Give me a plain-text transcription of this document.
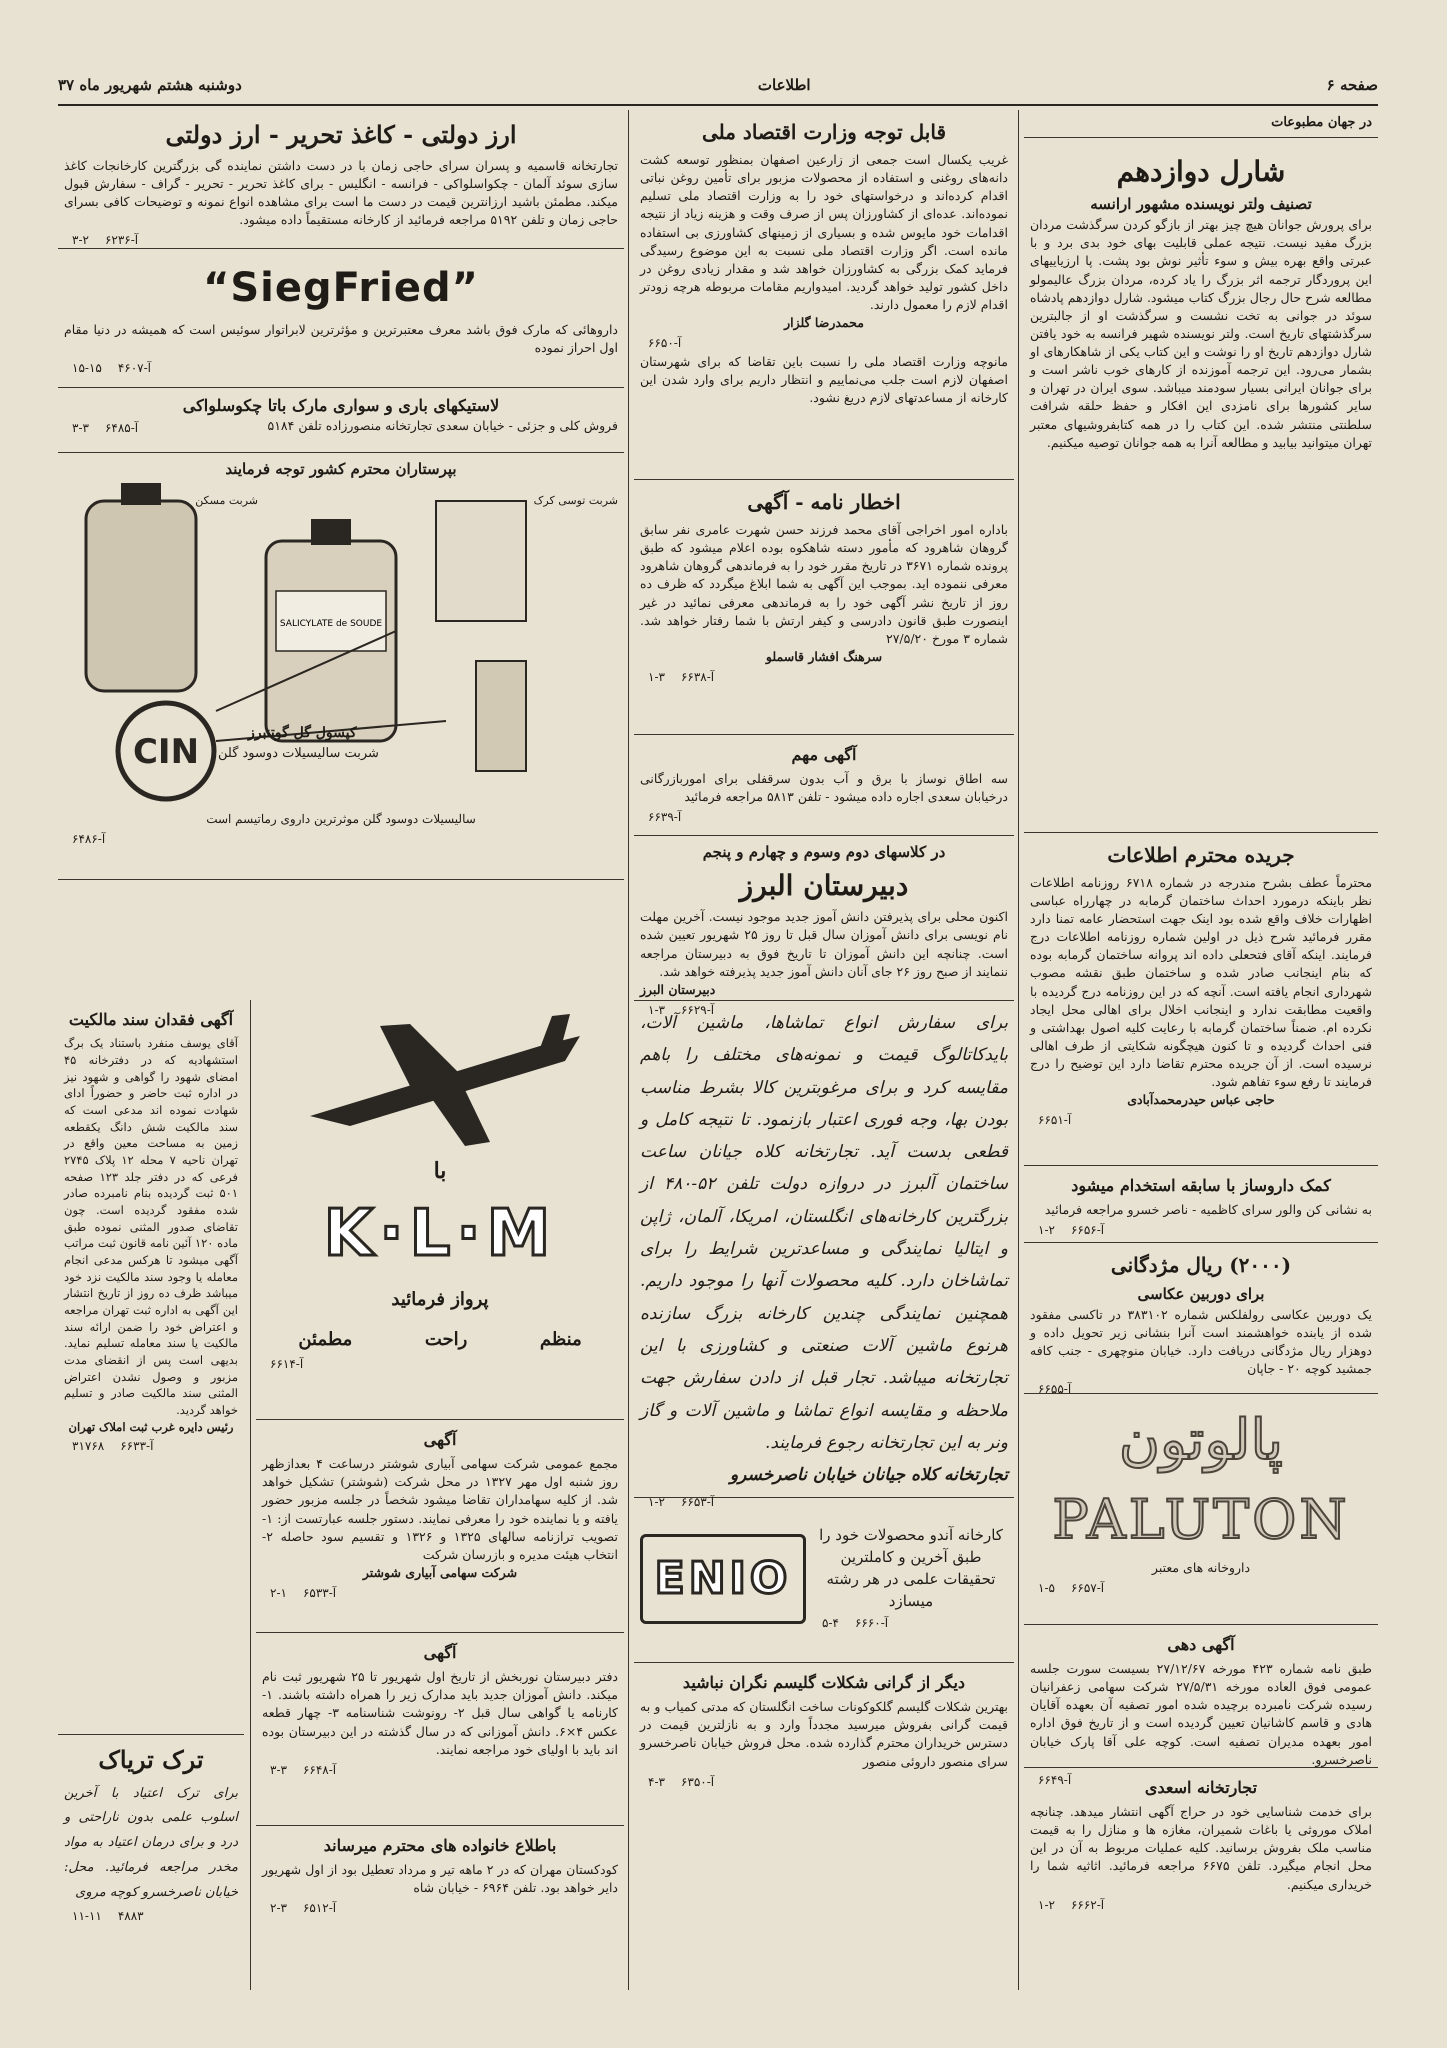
صفحه ۶
اطلاعات
دوشنبه هشتم شهریور ماه ۳۷
در جهان مطبوعات
شارل دوازدهم
تصنیف ولتر نویسنده مشهور ارانسه

برای پرورش جوانان هیچ چیز بهتر از بازگو کردن سرگذشت مردان بزرگ مفید نیست. نتیجه عملی قابلیت بهای خود بدی برد و با عبرتی واقع بهره بیش و سوء تأثیر نوش بود پشت. پا ارزیاییهای این پروردگار ترجمه اثر بزرگ را یاد کرده، مردان بزرگ عالیمولو مطالعه شرح حال رجال بزرگ کتاب میشود. شارل دوازدهم پادشاه سوئد در جوانی به تخت نشست و سرگذشت او از جالبترین سرگذشتهای تاریخ است. ولتر نویسنده شهیر فرانسه به خود یافتن شارل دوازدهم تاریخ او را نوشت و این کتاب یکی از شاهکارهای او بشمار می‌رود. این ترجمه آموزنده از کارهای خوب ناشر است و برای جوانان ایرانی بسیار سودمند میباشد. سوی ایران در تهران و سایر کشورها برای نامزدی این افکار و حفظ حلقه شرافت سلطنتی منتشر شده. این کتاب را در همه کتابفروشیهای معتبر تهران میتوانید بیابید و مطالعه آنرا به همه جوانان توصیه میکنیم.

جریده محترم اطلاعات

محترماً عطف بشرح مندرجه در شماره ۶۷۱۸ روزنامه اطلاعات نظر باینکه درمورد احداث ساختمان گرمابه در چهارراه عباسی اظهارات خلاف واقع شده بود اینک جهت استحضار عامه تمنا دارد مقرر فرمائید شرح ذیل در اولین شماره روزنامه اطلاعات درج فرمایند. اینکه آقای فتحعلی داده اند پروانه ساختمان گرمابه بوده که بنام اینجانب صادر شده و ساختمان طبق نقشه مصوب شهرداری انجام یافته است. آنچه که در این روزنامه درج گردیده با واقعیت مطابقت ندارد و اینجانب اخلال برای اهالی محل ایجاد نکرده ام. ضمناً ساختمان گرمابه با رعایت کلیه اصول بهداشتی و فنی احداث گردیده و تا کنون هیچگونه شکایتی از طرف اهالی نرسیده است. از آن جریده محترم تقاضا دارد این توضیح را درج فرمایند تا رفع سوء تفاهم شود.

حاجی عباس حیدرمحمدآبادی

آ-۶۶۵۱
کمک داروساز با سابقه استخدام میشود

به نشانی کن والور سرای کاظمیه - ناصر خسرو مراجعه فرمائید

۱-۲ آ-۶۶۵۶
(۲۰۰۰) ریال مژدگانی
برای دوربین عکاسی

یک دوربین عکاسی رولفلکس شماره ۳۸۳۱۰۲ در تاکسی مفقود شده از یابنده خواهشمند است آنرا بنشانی زیر تحویل داده و دوهزار ریال مژدگانی دریافت دارد. خیابان منوچهری - جنب کافه جمشید کوچه ۲۰ - جاپان

آ-۶۶۵۵
پالوتون
PALUTON

داروخانه های معتبر

۱-۵ آ-۶۶۵۷
آگهی دهی

طبق نامه شماره ۴۲۳ مورخه ۲۷/۱۲/۶۷ بسیست سورت جلسه عمومی فوق العاده مورخه ۲۷/۵/۳۱ شرکت سهامی زعفرانیان رسیده شرکت نامبرده برچیده شده امور تصفیه آن بعهده آقایان هادی و قاسم کاشانیان تعیین گردیده است و از تاریخ فوق اداره امور بعهده مدیران تصفیه است. کوچه علی آقا پارک خیابان ناصرخسرو.

آ-۶۶۴۹	تجارتخانه اسعدی

برای خدمت شناسایی خود در حراج آگهی انتشار میدهد. چنانچه املاک موروثی یا باغات شمیران، مغازه ها و منازل را به قیمت مناسب ملک بفروش برسانید. کلیه عملیات مربوط به آن در این محل انجام میگیرد. تلفن ۶۶۷۵ مراجعه فرمائید. اثاثیه شما را خریداری میکنیم.

۱-۲ آ-۶۶۶۲
قابل توجه وزارت اقتصاد ملی

غریب یکسال است جمعی از زارعین اصفهان بمنظور توسعه کشت دانه‌های روغنی و استفاده از محصولات مزبور برای تأمین روغن نباتی اقدام کرده‌اند و درخواستهای خود را به وزارت اقتصاد ملی تسلیم نموده‌اند. عده‌ای از کشاورزان پس از صرف وقت و هزینه زیاد از نتیجه اقدامات خود مایوس شده و بسیاری از زمینهای کشاورزی بی استفاده مانده است. اگر وزارت اقتصاد ملی نسبت به این موضوع رسیدگی فرماید کمک بزرگی به کشاورزان خواهد شد و مقدار زیادی روغن در داخل کشور تولید خواهد گردید. امیدواریم مقامات مربوطه هرچه زودتر اقدام لازم را معمول دارند.

محمدرضا گلزار

آ-۶۶۵۰

مانوچه وزارت اقتصاد ملی را نسبت باین تقاضا که برای شهرستان اصفهان لازم است جلب می‌نماییم و انتظار داریم برای وارد شدن این کارخانه از مساعدتهای لازم دریغ نشود.

اخطار نامه - آگهی

باداره امور اخراجی آقای محمد فرزند حسن شهرت عامری نفر سابق گروهان شاهرود که مأمور دسته شاهکوه بوده اعلام میشود که طبق پرونده شماره ۳۶۷۱ در تاریخ مقرر خود را به فرماندهی گروهان شاهرود معرفی ننموده اید. بموجب این آگهی به شما ابلاغ میگردد که ظرف ده روز از تاریخ نشر آگهی خود را به فرماندهی معرفی نمائید در غیر اینصورت طبق قانون دادرسی و کیفر ارتش با شما رفتار خواهد شد. شماره ۳ مورخ ۲۷/۵/۲۰

سرهنگ افشار قاسملو

۱-۳ آ-۶۶۳۸
آگهی مهم

سه اطاق نوساز با برق و آب بدون سرقفلی برای اموربازرگانی درخیابان سعدی اجاره داده میشود - تلفن ۵۸۱۳ مراجعه فرمائید

آ-۶۶۳۹
در کلاسهای دوم وسوم و چهارم و پنجم
دبیرستان البرز

اکنون محلی برای پذیرفتن دانش آموز جدید موجود نیست. آخرین مهلت نام نویسی برای دانش آموزان سال قبل تا روز ۲۵ شهریور تعیین شده است. چنانچه این دانش آموزان تا تاریخ فوق به دبیرستان مراجعه ننمایند از صبح روز ۲۶ جای آنان دانش آموز جدید پذیرفته خواهد شد.

دبیرستان البرز

۱-۳ آ-۶۶۲۹

برای سفارش انواع تماشاها، ماشین آلات، بایدکاتالوگ قیمت و نمونه‌های مختلف را باهم مقایسه کرد و برای مرغوبترین کالا بشرط مناسب بودن بها، وجه فوری اعتبار بازنمود. تا نتیجه کامل و قطعی بدست آید. تجارتخانه کلاه جیانان ساعت ساختمان آلبرز در دروازه دولت تلفن ۵۲-۴۸۰ از بزرگترین کارخانه‌های انگلستان، امریکا، آلمان، ژاپن و ایتالیا نمایندگی و مساعدترین شرایط را برای تماشاخان دارد. کلیه محصولات آنها را موجود داریم. همچنین نمایندگی چندین کارخانه بزرگ سازنده هرنوع ماشین آلات صنعتی و کشاورزی با این تجارتخانه میباشد. تجار قبل از دادن سفارش جهت ملاحظه و مقایسه انواع تماشا و ماشین آلات و گاز ونر به این تجارتخانه رجوع فرمایند.

تجارتخانه کلاه جیانان خیابان ناصرخسرو

۱-۲ آ-۶۶۵۳

کارخانه آندو محصولات خود را طبق آخرین و کاملترین تحقیقات علمی در هر رشته میسازد

۵-۴ آ-۶۶۶۰
ENIO
دیگر از گرانی شکلات گلیسم نگران نباشید

بهترین شکلات گلیسم گلکوکونات ساخت انگلستان که مدتی کمیاب و به قیمت گرانی بفروش میرسید مجدداً وارد و به نازلترین قیمت در دسترس خریداران محترم گذارده شده. محل فروش خیابان ناصرخسرو سرای منصور داروئی منصور

۴-۳ آ-۶۳۵۰
ارز دولتی - کاغذ تحریر - ارز دولتی

تجارتخانه قاسمیه و پسران سرای حاجی زمان با در دست داشتن نماینده گی بزرگترین کارخانجات کاغذ سازی سوئد آلمان - چکواسلواکی - فرانسه - انگلیس - برای کاغذ تحریر - تحریر - گراف - سفارش قبول میکند. مطمئن باشید ارزانترین قیمت در دست ما است برای مشاهده انواع نمونه و توضیحات کافی بسرای حاجی زمان و تلفن ۵۱۹۲ مراجعه فرمائید از کارخانه مستقیماً داده میشود.

۳-۲ آ-۶۲۳۶
“SiegFried”

داروهائی که مارک فوق باشد معرف معتبرترین و مؤثرترین لابراتوار سوئیس است که همیشه در دنیا مقام اول احراز نموده

۱۵-۱۵ آ-۴۶۰۷
لاستیکهای باری و سواری مارک باتا چکوسلواکی
فروش کلی و جزئی - خیابان سعدی تجارتخانه منصورزاده تلفن ۵۱۸۴
۳-۳ آ-۶۴۸۵
بپرستاران محترم کشور توجه فرمایند
SALICYLATE de SOUDE
CIN
شربت توسی کرک
شربت مسکن
کپسول گل گوتنبرز
شربت سالیسیلات دوسود گلن
سالیسیلات دوسود گلن موثرترین داروی رماتیسم است
آ-۶۴۸۶
آگهی فقدان سند مالکیت

آقای یوسف منفرد باستناد یک برگ استشهادیه که در دفترخانه ۴۵ امضای شهود را گواهی و شهود نیز در اداره ثبت حاضر و حضوراً ادای شهادت نموده اند مدعی است که سند مالکیت شش دانگ یکقطعه زمین به مساحت معین واقع در تهران ناحیه ۷ محله ۱۲ پلاک ۲۷۴۵ فرعی که در دفتر جلد ۱۲۳ صفحه ۵۰۱ ثبت گردیده بنام نامبرده صادر شده مفقود گردیده است. چون تقاضای صدور المثنی نموده طبق ماده ۱۲۰ آئین نامه قانون ثبت مراتب آگهی میشود تا هرکس مدعی انجام معامله یا وجود سند مالکیت نزد خود میباشد ظرف ده روز از تاریخ انتشار این آگهی به اداره ثبت تهران مراجعه و اعتراض خود را ضمن ارائه سند مالکیت یا سند معامله تسلیم نماید. بدیهی است پس از انقضای مدت مزبور و وصول نشدن اعتراض المثنی سند مالکیت صادر و تسلیم خواهد گردید.

رئیس دایره غرب ثبت املاک تهران

۳۱۷۶۸ آ-۶۶۳۳
ترک ترياک

برای ترک اعتیاد با آخرین اسلوب علمی بدون ناراحتی و درد و برای درمان اعتیاد به مواد مخدر مراجعه فرمائید. محل: خیابان ناصرخسرو کوچه مروی

۱۱-۱۱ ۴۸۸۳
با
K·L·M
پرواز فرمائید
منظم
راحت
مطمئن
آ-۶۶۱۴
آگهی

مجمع عمومی شرکت سهامی آبیاری شوشتر درساعت ۴ بعدازظهر روز شنبه اول مهر ۱۳۲۷ در محل شرکت (شوشتر) تشکیل خواهد شد. از کلیه سهامداران تقاضا میشود شخصاً در جلسه مزبور حضور یافته و یا نماینده خود را معرفی نمایند. دستور جلسه عبارتست از: ۱- تصویب ترازنامه سالهای ۱۳۲۵ و ۱۳۲۶ و تقسیم سود حاصله ۲- انتخاب هیئت مدیره و بازرسان شرکت

شرکت سهامی آبیاری شوشتر

۲-۱ آ-۶۵۳۳
آگهی

دفتر دبیرستان نوربخش از تاریخ اول شهریور تا ۲۵ شهریور ثبت نام میکند. دانش آموزان جدید باید مدارک زیر را همراه داشته باشند. ۱- کارنامه یا گواهی سال قبل ۲- رونوشت شناسنامه ۳- چهار قطعه عکس ۴×۶. دانش آموزانی که در سال گذشته در این دبیرستان بوده اند باید با اولیای خود مراجعه نمایند.

۳-۳ آ-۶۶۴۸
باطلاع خانواده های محترم میرساند

کودکستان مهران که در ۲ ماهه تیر و مرداد تعطیل بود از اول شهریور دایر خواهد بود. تلفن ۶۹۶۴ - خیابان شاه

۲-۳ آ-۶۵۱۲
